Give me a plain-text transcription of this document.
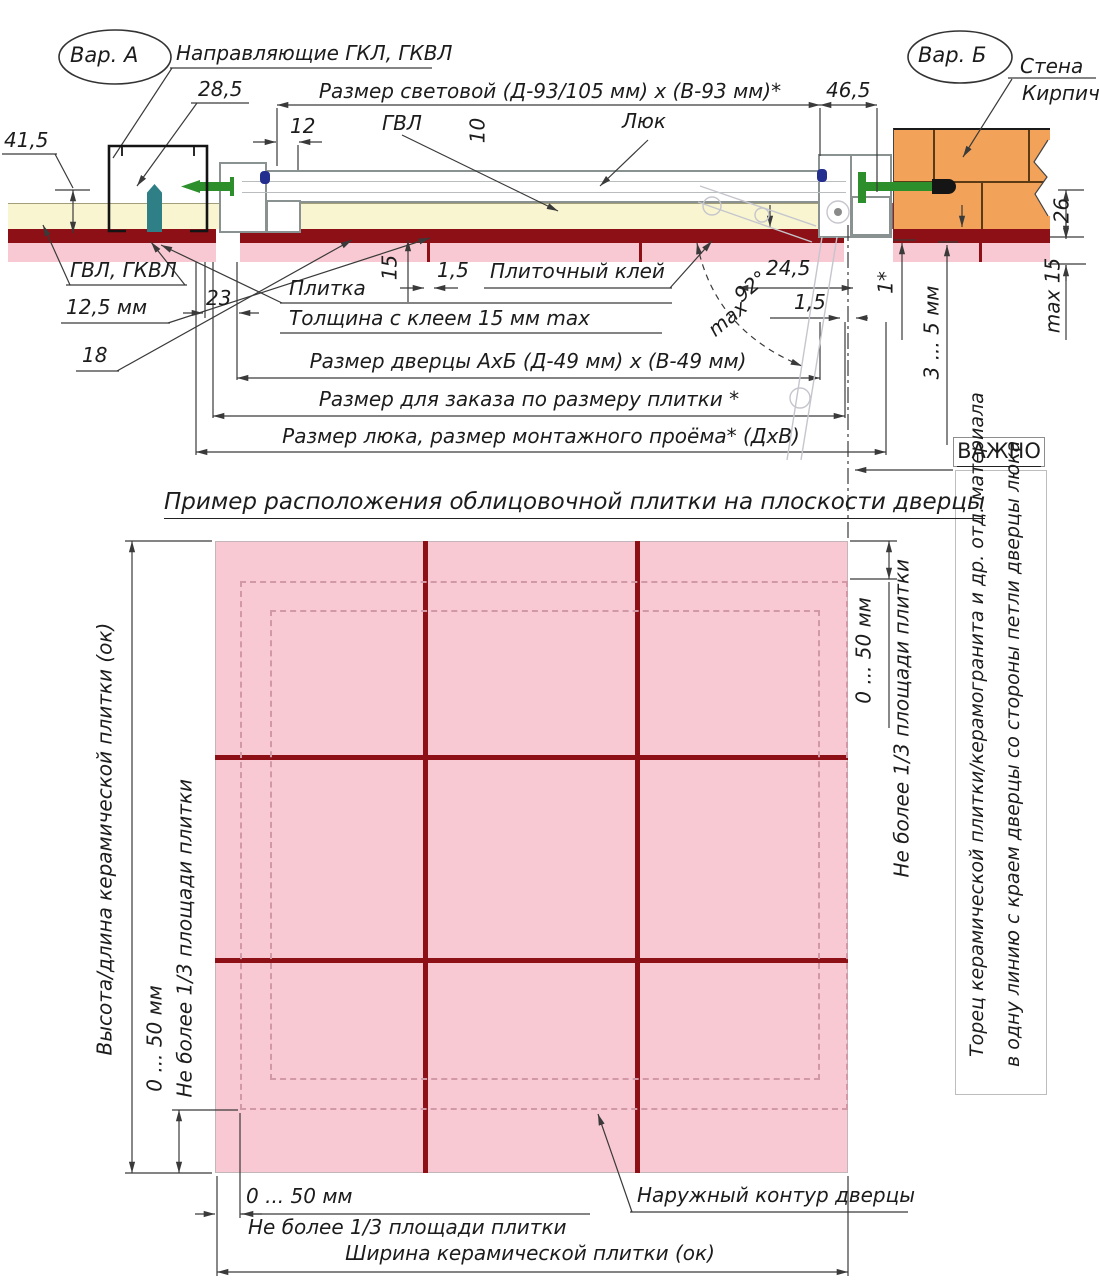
Вар. А	Вар. Б
Направляющие ГКЛ, ГКВЛ
28,5	Размер световой (Д-93/105 мм) х (В-93 мм)*	46,5
Стена
Кирпич
41,5
12	ГВЛ 10	Люк
26
ГВЛ, ГКВЛ
12,5 мм
18
23	Плитка
15 1,5 Плиточный клей
Толщина с клеем 15 мм max
24,5
92°
max 1,5
1*
3 ... 5 мм	max 15
Размер дверцы АхБ (Д-49 мм) х (В-49 мм)
Размер для заказа по размеру плитки *
Размер люка, размер монтажного проёма* (ДхВ)
ВАЖНО
Торец керамической плитки/керамогранита и др. отд. материала в одну линию с краем дверцы со стороны петли дверцы люка
Пример расположения облицовочной плитки на плоскости дверцы
Высота/длина керамической плитки (ок) 0 ... 50 мм Не более 1/3 площади плитки
0 ... 50 мм Не более 1/3 площади плитки
0 ... 50 мм
Не более 1/3 площади плитки
Наружный контур дверцы
Ширина керамической плитки (ок)
